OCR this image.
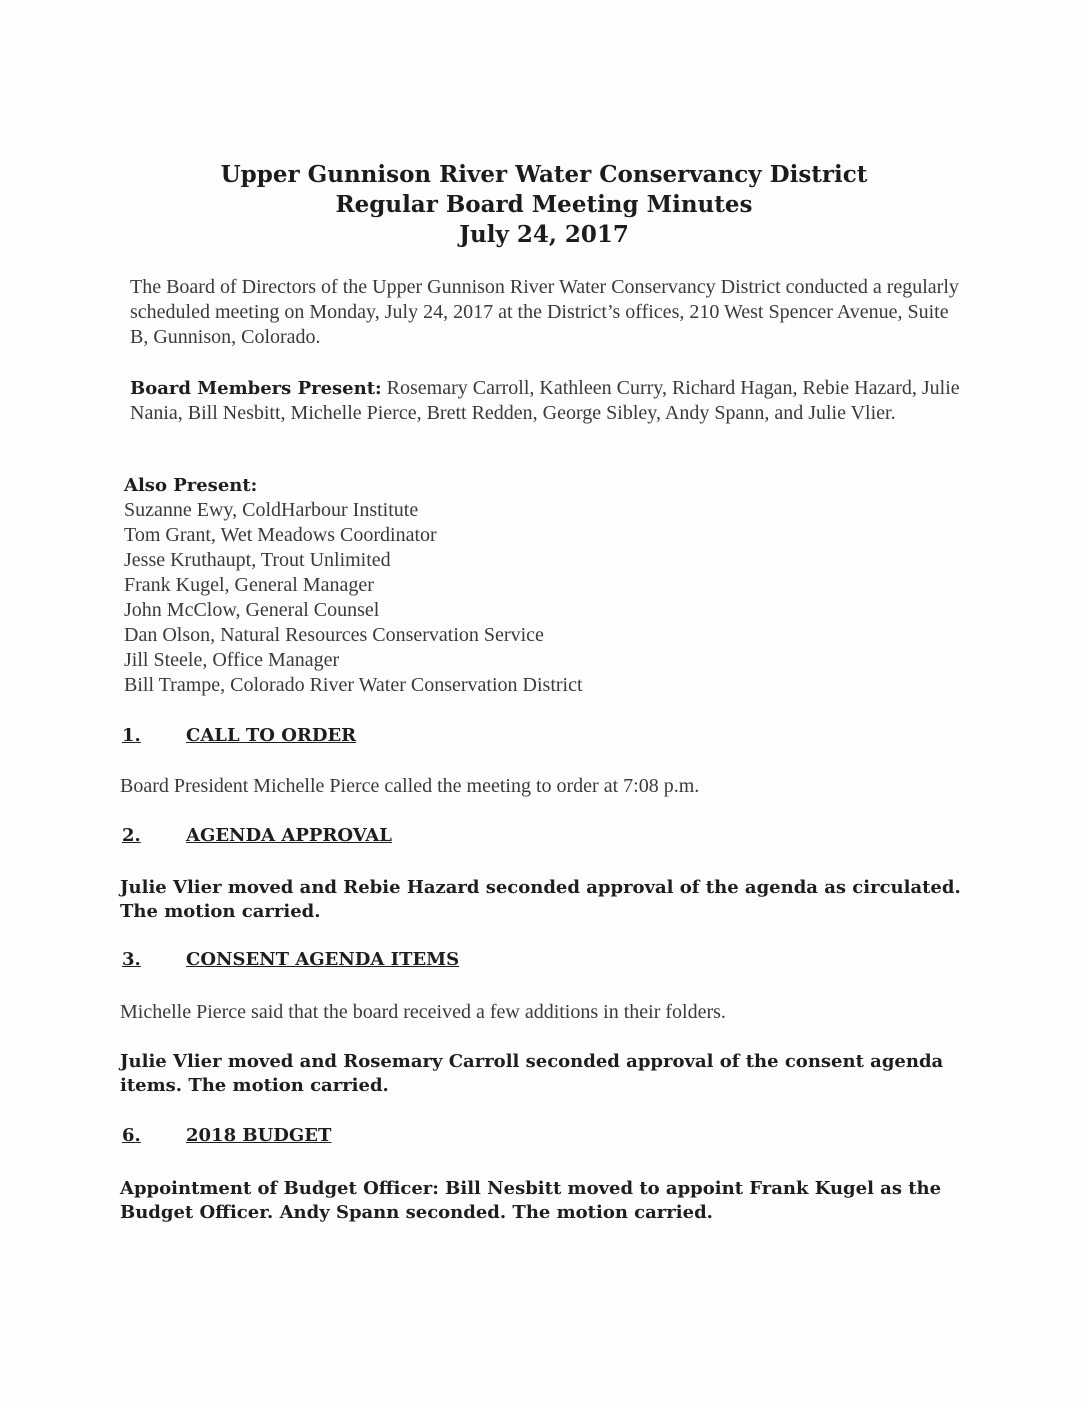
Upper Gunnison River Water Conservancy District
Regular Board Meeting Minutes
July 24, 2017
The Board of Directors of the Upper Gunnison River Water Conservancy District conducted a regularly scheduled meeting on Monday, July 24, 2017 at the District’s offices, 210 West Spencer Avenue, Suite B, Gunnison, Colorado.
Board Members Present: Rosemary Carroll, Kathleen Curry, Richard Hagan, Rebie Hazard, Julie Nania, Bill Nesbitt, Michelle Pierce, Brett Redden, George Sibley, Andy Spann, and Julie Vlier.
Also Present:
Suzanne Ewy, ColdHarbour Institute
Tom Grant, Wet Meadows Coordinator
Jesse Kruthaupt, Trout Unlimited
Frank Kugel, General Manager
John McClow, General Counsel
Dan Olson, Natural Resources Conservation Service
Jill Steele, Office Manager
Bill Trampe, Colorado River Water Conservation District
1.	CALL TO ORDER
Board President Michelle Pierce called the meeting to order at 7:08 p.m.
2.	AGENDA APPROVAL
Julie Vlier moved and Rebie Hazard seconded approval of the agenda as circulated. The motion carried.
3.	CONSENT AGENDA ITEMS
Michelle Pierce said that the board received a few additions in their folders.
Julie Vlier moved and Rosemary Carroll seconded approval of the consent agenda items. The motion carried.
6.	2018 BUDGET
Appointment of Budget Officer: Bill Nesbitt moved to appoint Frank Kugel as the Budget Officer. Andy Spann seconded. The motion carried.
